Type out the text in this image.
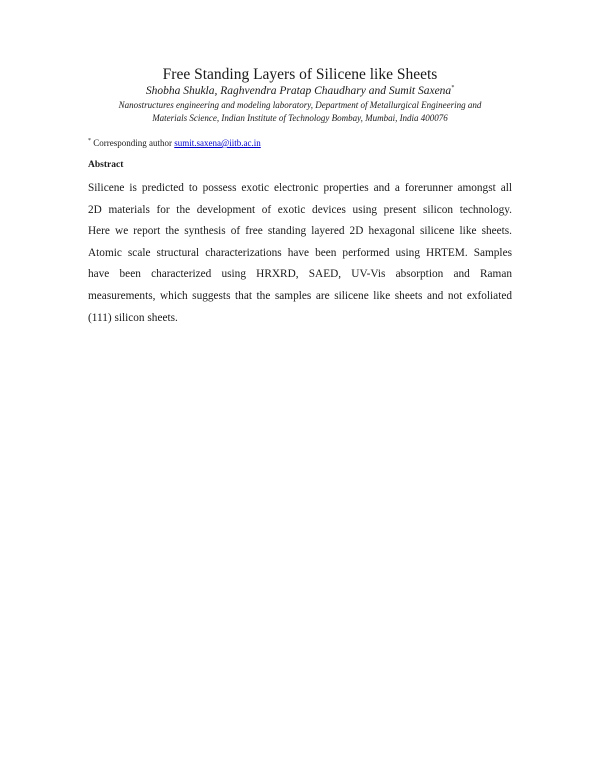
Free Standing Layers of Silicene like Sheets
Shobha Shukla, Raghvendra Pratap Chaudhary and Sumit Saxena*
Nanostructures engineering and modeling laboratory, Department of Metallurgical Engineering and
Materials Science, Indian Institute of Technology Bombay, Mumbai, India 400076
* Corresponding author sumit.saxena@iitb.ac.in
Abstract
Silicene is predicted to possess exotic electronic properties and a forerunner amongst all
2D materials for the development of exotic devices using present silicon technology.
Here we report the synthesis of free standing layered 2D hexagonal silicene like sheets.
Atomic scale structural characterizations have been performed using HRTEM. Samples
have been characterized using HRXRD, SAED, UV-Vis absorption and Raman
measurements, which suggests that the samples are silicene like sheets and not exfoliated
(111) silicon sheets.
